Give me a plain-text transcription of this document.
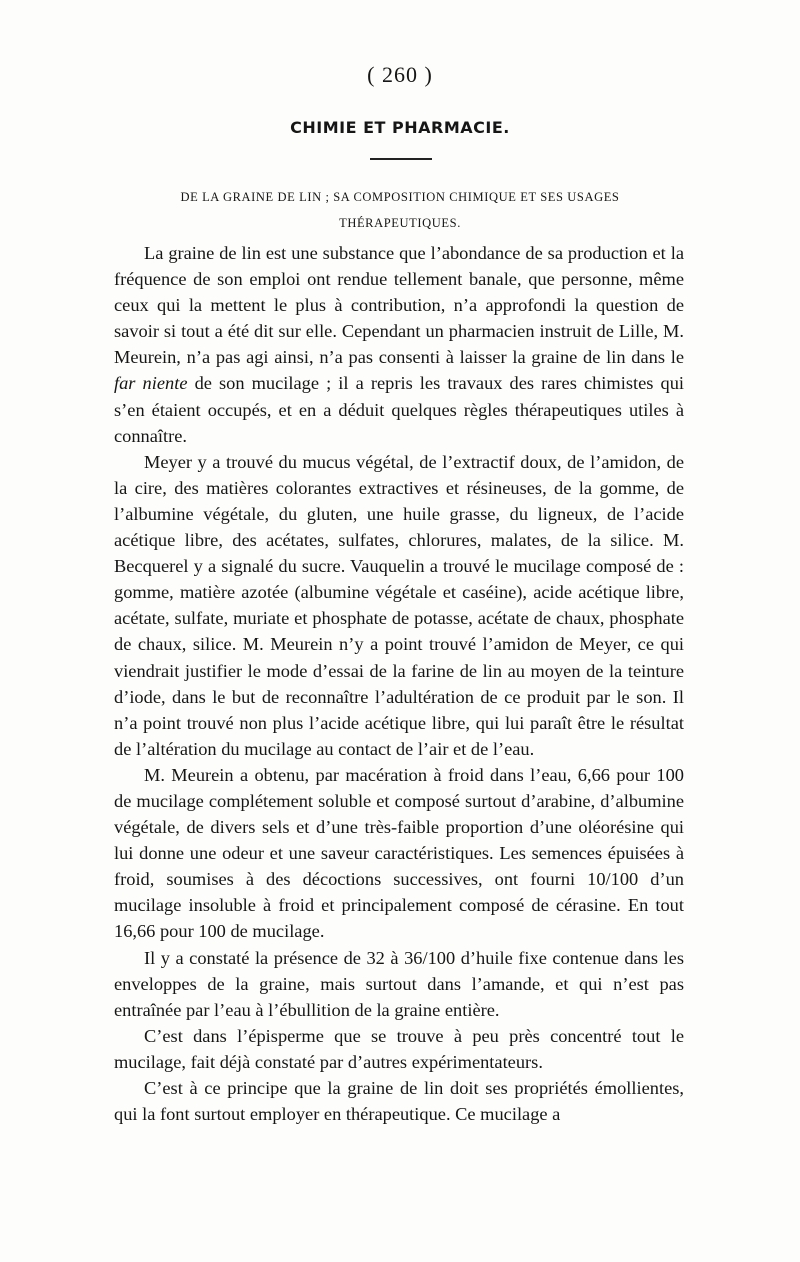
( 260 )
CHIMIE ET PHARMACIE.
DE LA GRAINE DE LIN ; SA COMPOSITION CHIMIQUE ET SES USAGES THÉRAPEUTIQUES.

La graine de lin est une substance que l’abondance de sa production et la fréquence de son emploi ont rendue tellement banale, que personne, même ceux qui la mettent le plus à contribution, n’a approfondi la question de savoir si tout a été dit sur elle. Cependant un pharmacien instruit de Lille, M. Meurein, n’a pas agi ainsi, n’a pas consenti à laisser la graine de lin dans le far niente de son mucilage ; il a repris les travaux des rares chimistes qui s’en étaient occupés, et en a déduit quelques règles thérapeutiques utiles à connaître.

Meyer y a trouvé du mucus végétal, de l’extractif doux, de l’amidon, de la cire, des matières colorantes extractives et résineuses, de la gomme, de l’albumine végétale, du gluten, une huile grasse, du ligneux, de l’acide acétique libre, des acétates, sulfates, chlorures, malates, de la silice. M. Becquerel y a signalé du sucre. Vauquelin a trouvé le mucilage composé de : gomme, matière azotée (albumine végétale et caséine), acide acétique libre, acétate, sulfate, muriate et phosphate de potasse, acétate de chaux, phosphate de chaux, silice. M. Meurein n’y a point trouvé l’amidon de Meyer, ce qui viendrait justifier le mode d’essai de la farine de lin au moyen de la teinture d’iode, dans le but de reconnaître l’adultération de ce produit par le son. Il n’a point trouvé non plus l’acide acétique libre, qui lui paraît être le résultat de l’altération du mucilage au contact de l’air et de l’eau.

M. Meurein a obtenu, par macération à froid dans l’eau, 6,66 pour 100 de mucilage complétement soluble et composé surtout d’arabine, d’albumine végétale, de divers sels et d’une très-faible proportion d’une oléorésine qui lui donne une odeur et une saveur caractéristiques. Les semences épuisées à froid, soumises à des décoctions successives, ont fourni 10/100 d’un mucilage insoluble à froid et principalement composé de cérasine. En tout 16,66 pour 100 de mucilage.

Il y a constaté la présence de 32 à 36/100 d’huile fixe contenue dans les enveloppes de la graine, mais surtout dans l’amande, et qui n’est pas entraînée par l’eau à l’ébullition de la graine entière.

C’est dans l’épisperme que se trouve à peu près concentré tout le mucilage, fait déjà constaté par d’autres expérimentateurs.

C’est à ce principe que la graine de lin doit ses propriétés émollientes, qui la font surtout employer en thérapeutique. Ce mucilage a
